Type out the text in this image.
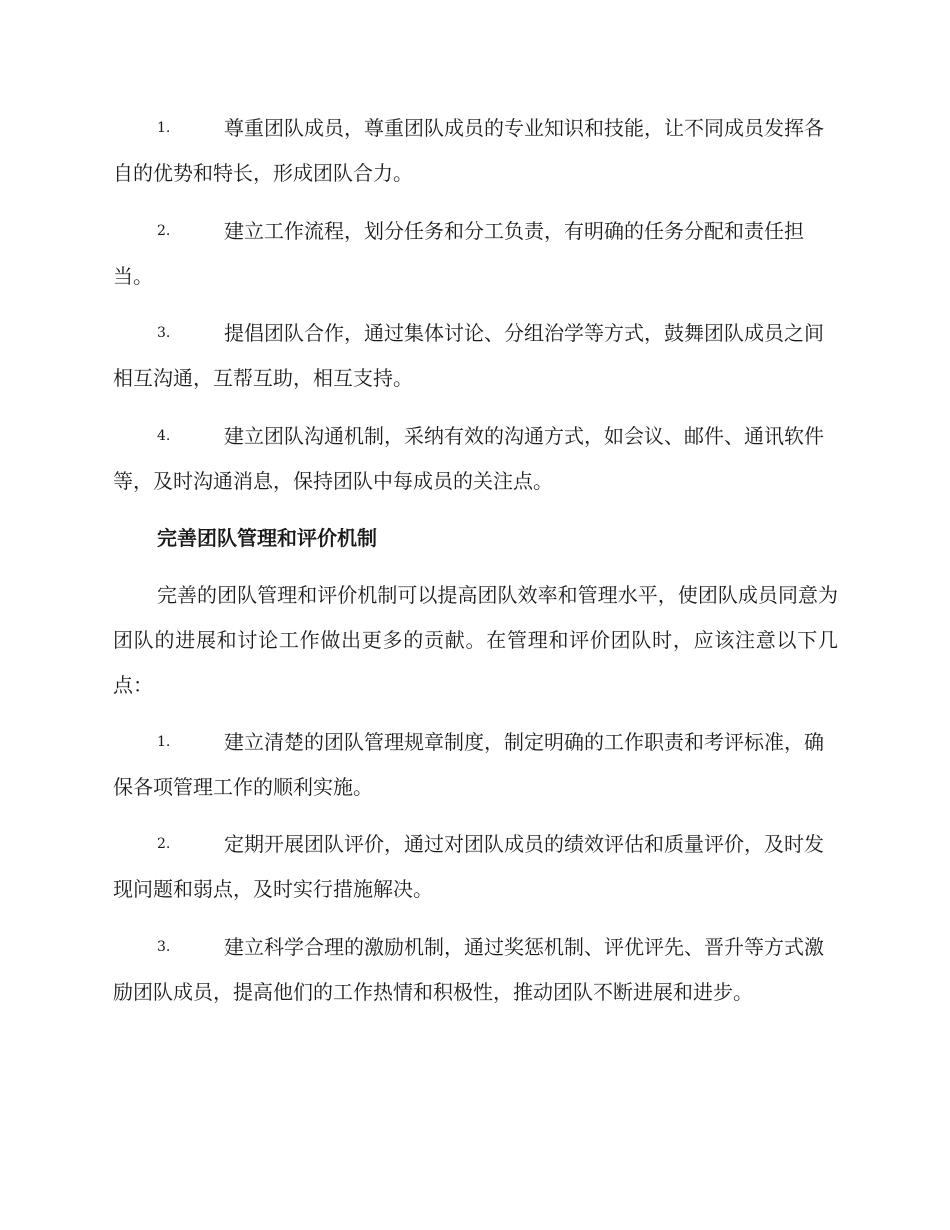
1.	尊重团队成员，尊重团队成员的专业知识和技能，让不同成员发挥各自的优势和特长，形成团队合力。

2.	建立工作流程，划分任务和分工负责，有明确的任务分配和责任担当。

3.	提倡团队合作，通过集体讨论、分组治学等方式，鼓舞团队成员之间相互沟通，互帮互助，相互支持。

4.	建立团队沟通机制，采纳有效的沟通方式，如会议、邮件、通讯软件等，及时沟通消息，保持团队中每成员的关注点。

完善团队管理和评价机制

完善的团队管理和评价机制可以提高团队效率和管理水平，使团队成员同意为团队的进展和讨论工作做出更多的贡献。在管理和评价团队时，应该注意以下几点：

1.	建立清楚的团队管理规章制度，制定明确的工作职责和考评标准，确保各项管理工作的顺利实施。

2.	定期开展团队评价，通过对团队成员的绩效评估和质量评价，及时发现问题和弱点，及时实行措施解决。

3.	建立科学合理的激励机制，通过奖惩机制、评优评先、晋升等方式激励团队成员，提高他们的工作热情和积极性，推动团队不断进展和进步。
